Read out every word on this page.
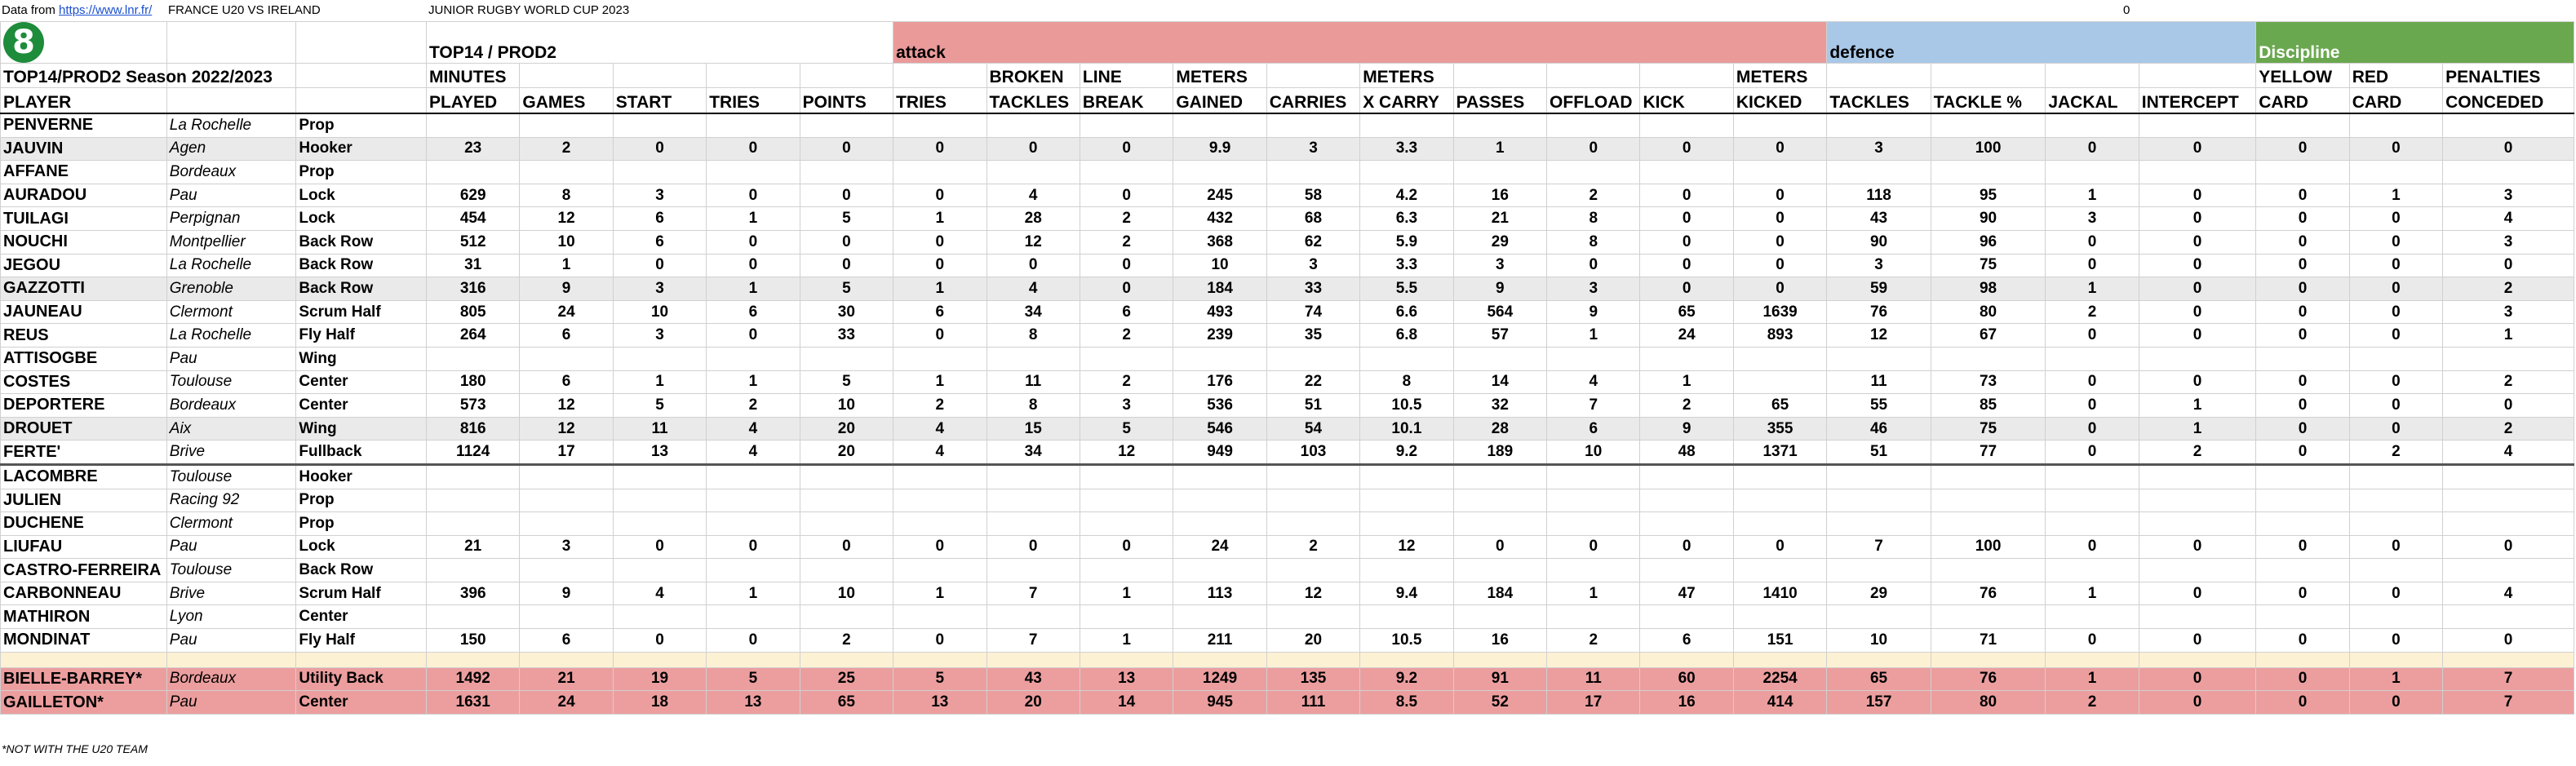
Data from https://www.lnr.fr/ FRANCE U20 VS IRELAND	JUNIOR RUGBY WORLD CUP 2023	0
8			TOP14 / PROD2					attack										defence				Discipline		
TOP14/PROD2 Season 2022/2023			MINUTES						BROKEN	LINE	METERS		METERS				METERS					YELLOW	RED	PENALTIES
PLAYER			PLAYED	GAMES	START	TRIES	POINTS	TRIES	TACKLES	BREAK	GAINED	CARRIES	X CARRY	PASSES	OFFLOAD	KICK	KICKED	TACKLES	TACKLE %	JACKAL	INTERCEPT	CARD	CARD	CONCEDED
PENVERNE	La Rochelle	Prop																						
JAUVIN	Agen	Hooker	23	2	0	0	0	0	0	0	9.9	3	3.3	1	0	0	0	3	100	0	0	0	0	0
AFFANE	Bordeaux	Prop																						
AURADOU	Pau	Lock	629	8	3	0	0	0	4	0	245	58	4.2	16	2	0	0	118	95	1	0	0	1	3
TUILAGI	Perpignan	Lock	454	12	6	1	5	1	28	2	432	68	6.3	21	8	0	0	43	90	3	0	0	0	4
NOUCHI	Montpellier	Back Row	512	10	6	0	0	0	12	2	368	62	5.9	29	8	0	0	90	96	0	0	0	0	3
JEGOU	La Rochelle	Back Row	31	1	0	0	0	0	0	0	10	3	3.3	3	0	0	0	3	75	0	0	0	0	0
GAZZOTTI	Grenoble	Back Row	316	9	3	1	5	1	4	0	184	33	5.5	9	3	0	0	59	98	1	0	0	0	2
JAUNEAU	Clermont	Scrum Half	805	24	10	6	30	6	34	6	493	74	6.6	564	9	65	1639	76	80	2	0	0	0	3
REUS	La Rochelle	Fly Half	264	6	3	0	33	0	8	2	239	35	6.8	57	1	24	893	12	67	0	0	0	0	1
ATTISOGBE	Pau	Wing																						
COSTES	Toulouse	Center	180	6	1	1	5	1	11	2	176	22	8	14	4	1		11	73	0	0	0	0	2
DEPORTERE	Bordeaux	Center	573	12	5	2	10	2	8	3	536	51	10.5	32	7	2	65	55	85	0	1	0	0	0
DROUET	Aix	Wing	816	12	11	4	20	4	15	5	546	54	10.1	28	6	9	355	46	75	0	1	0	0	2
FERTE'	Brive	Fullback	1124	17	13	4	20	4	34	12	949	103	9.2	189	10	48	1371	51	77	0	2	0	2	4
LACOMBRE	Toulouse	Hooker																						
JULIEN	Racing 92	Prop																						
DUCHENE	Clermont	Prop																						
LIUFAU	Pau	Lock	21	3	0	0	0	0	0	0	24	2	12	0	0	0	0	7	100	0	0	0	0	0
CASTRO-FERREIRA	Toulouse	Back Row																						
CARBONNEAU	Brive	Scrum Half	396	9	4	1	10	1	7	1	113	12	9.4	184	1	47	1410	29	76	1	0	0	0	4
MATHIRON	Lyon	Center																						
MONDINAT	Pau	Fly Half	150	6	0	0	2	0	7	1	211	20	10.5	16	2	6	151	10	71	0	0	0	0	0

BIELLE-BARREY*	Bordeaux	Utility Back	1492	21	19	5	25	5	43	13	1249	135	9.2	91	11	60	2254	65	76	1	0	0	1	7
GAILLETON*	Pau	Center	1631	24	18	13	65	13	20	14	945	111	8.5	52	17	16	414	157	80	2	0	0	0	7
*NOT WITH THE U20 TEAM
